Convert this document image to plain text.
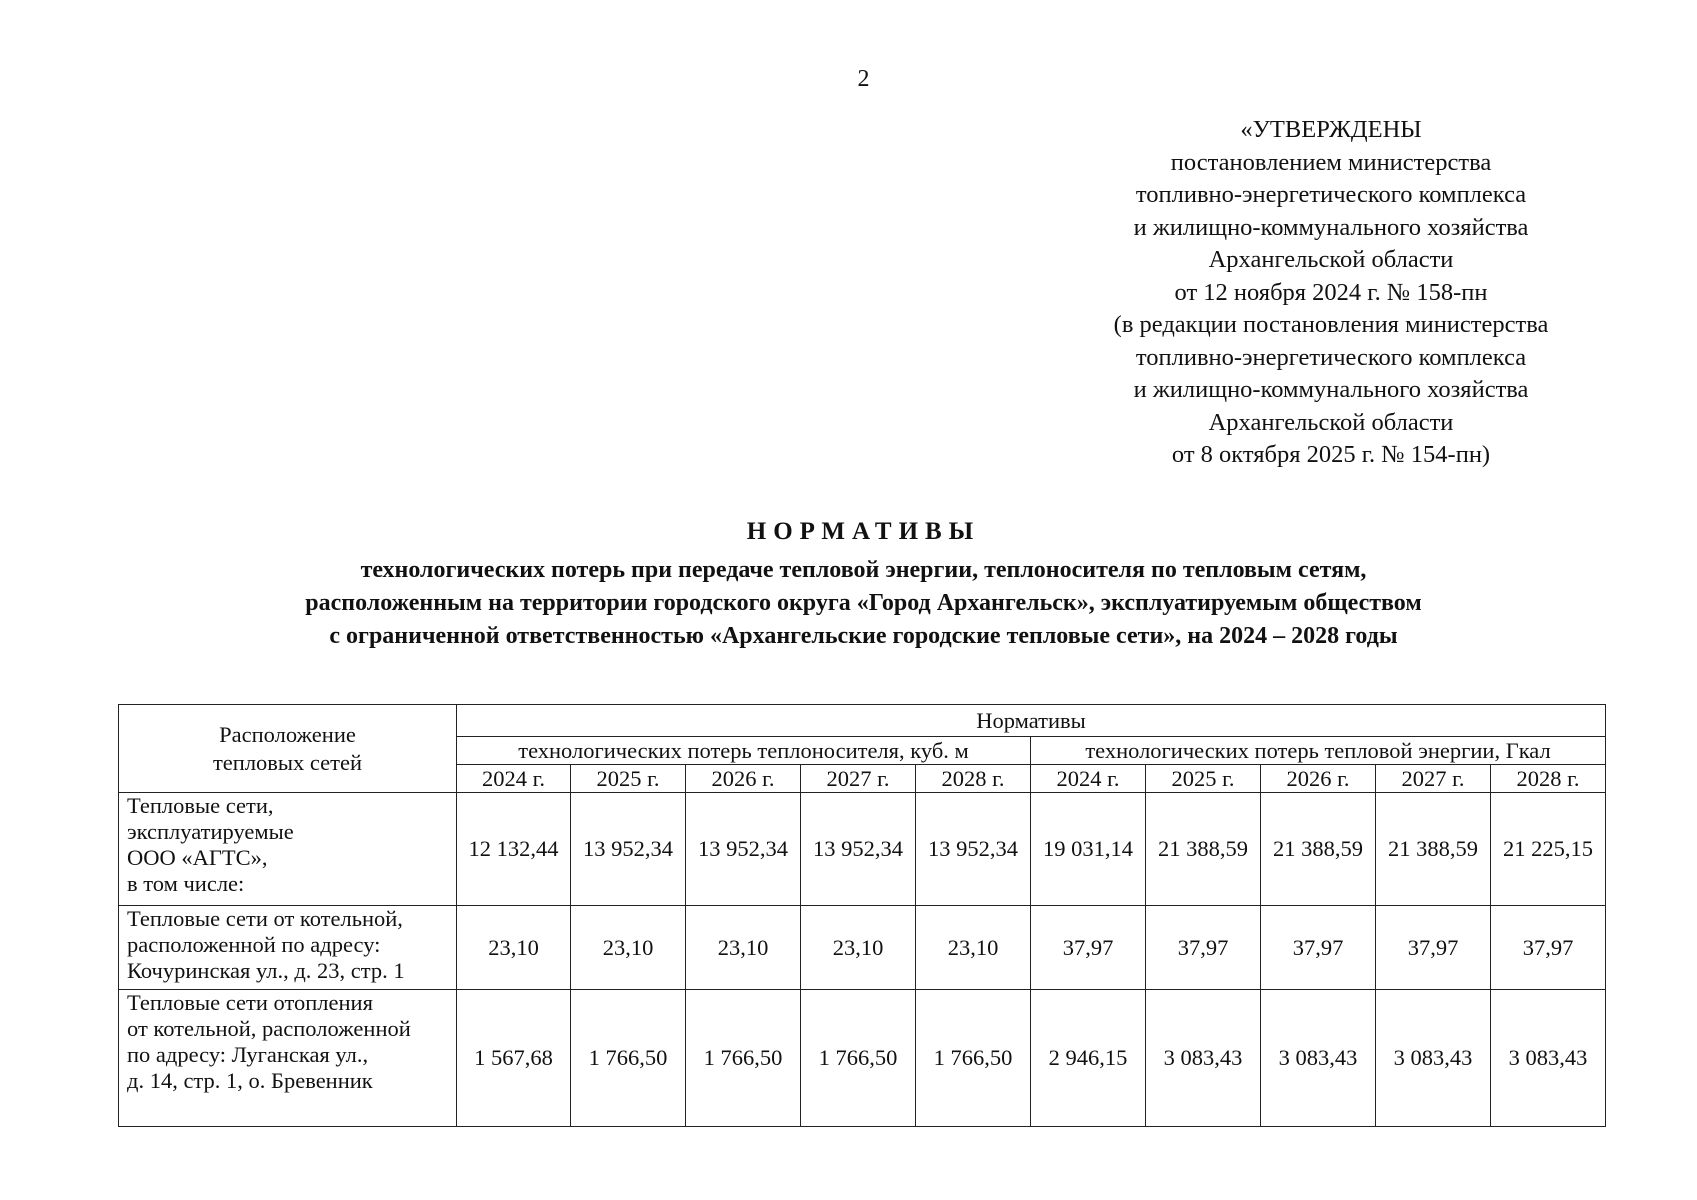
2
«УТВЕРЖДЕНЫ
постановлением министерства
топливно-энергетического комплекса
и жилищно-коммунального хозяйства
Архангельской области
от 12 ноября 2024 г. № 158-пн
(в редакции постановления министерства
топливно-энергетического комплекса
и жилищно-коммунального хозяйства
Архангельской области
от 8 октября 2025 г. № 154-пн)
НОРМАТИВЫ
технологических потерь при передаче тепловой энергии, теплоносителя по тепловым сетям,
расположенным на территории городского округа «Город Архангельск», эксплуатируемым обществом
с ограниченной ответственностью «Архангельские городские тепловые сети», на 2024 – 2028 годы
Расположение
тепловых сетей	Нормативы									
	технологических потерь теплоносителя, куб. м					технологических потерь тепловой энергии, Гкал				
	2024 г.	2025 г.	2026 г.	2027 г.	2028 г.	2024 г.	2025 г.	2026 г.	2027 г.	2028 г.

Тепловые сети,
эксплуатируемые
ООО «АГТС»,
в том числе:	12 132,44	13 952,34	13 952,34	13 952,34	13 952,34	19 031,14	21 388,59	21 388,59	21 388,59	21 225,15

Тепловые сети от котельной,
расположенной по адресу:
Кочуринская ул., д. 23, стр. 1	23,10	23,10	23,10	23,10	23,10	37,97	37,97	37,97	37,97	37,97

Тепловые сети отопления
от котельной, расположенной
по адресу: Луганская ул.,
д. 14, стр. 1, о. Бревенник	1 567,68	1 766,50	1 766,50	1 766,50	1 766,50	2 946,15	3 083,43	3 083,43	3 083,43	3 083,43
